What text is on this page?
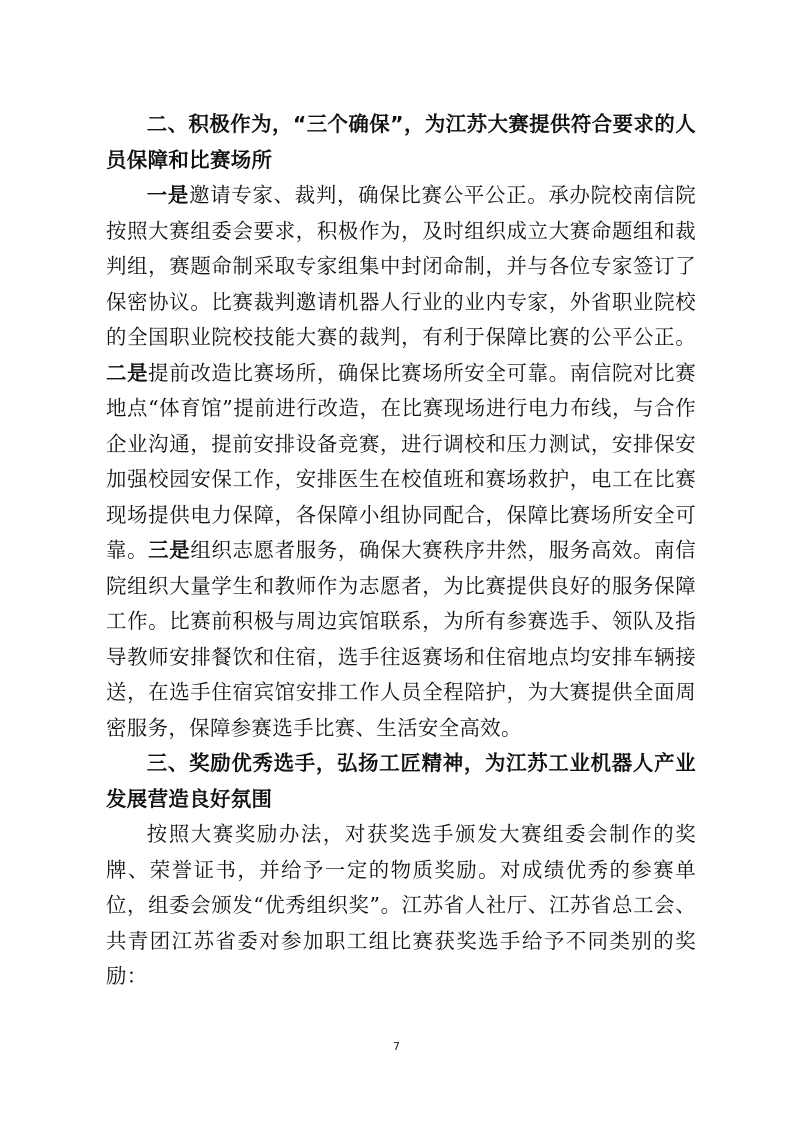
二、积极作为，“三个确保”，为江苏大赛提供符合要求的人员保障和比赛场所

一是邀请专家、裁判，确保比赛公平公正。承办院校南信院按照大赛组委会要求，积极作为，及时组织成立大赛命题组和裁判组，赛题命制采取专家组集中封闭命制，并与各位专家签订了保密协议。比赛裁判邀请机器人行业的业内专家，外省职业院校的全国职业院校技能大赛的裁判，有利于保障比赛的公平公正。二是提前改造比赛场所，确保比赛场所安全可靠。南信院对比赛地点“体育馆”提前进行改造，在比赛现场进行电力布线，与合作企业沟通，提前安排设备竞赛，进行调校和压力测试，安排保安加强校园安保工作，安排医生在校值班和赛场救护，电工在比赛现场提供电力保障，各保障小组协同配合，保障比赛场所安全可靠。三是组织志愿者服务，确保大赛秩序井然，服务高效。南信院组织大量学生和教师作为志愿者，为比赛提供良好的服务保障工作。比赛前积极与周边宾馆联系，为所有参赛选手、领队及指导教师安排餐饮和住宿，选手往返赛场和住宿地点均安排车辆接送，在选手住宿宾馆安排工作人员全程陪护，为大赛提供全面周密服务，保障参赛选手比赛、生活安全高效。

三、奖励优秀选手，弘扬工匠精神，为江苏工业机器人产业发展营造良好氛围

按照大赛奖励办法，对获奖选手颁发大赛组委会制作的奖牌、荣誉证书，并给予一定的物质奖励。对成绩优秀的参赛单位，组委会颁发“优秀组织奖”。江苏省人社厅、江苏省总工会、共青团江苏省委对参加职工组比赛获奖选手给予不同类别的奖励：

7
